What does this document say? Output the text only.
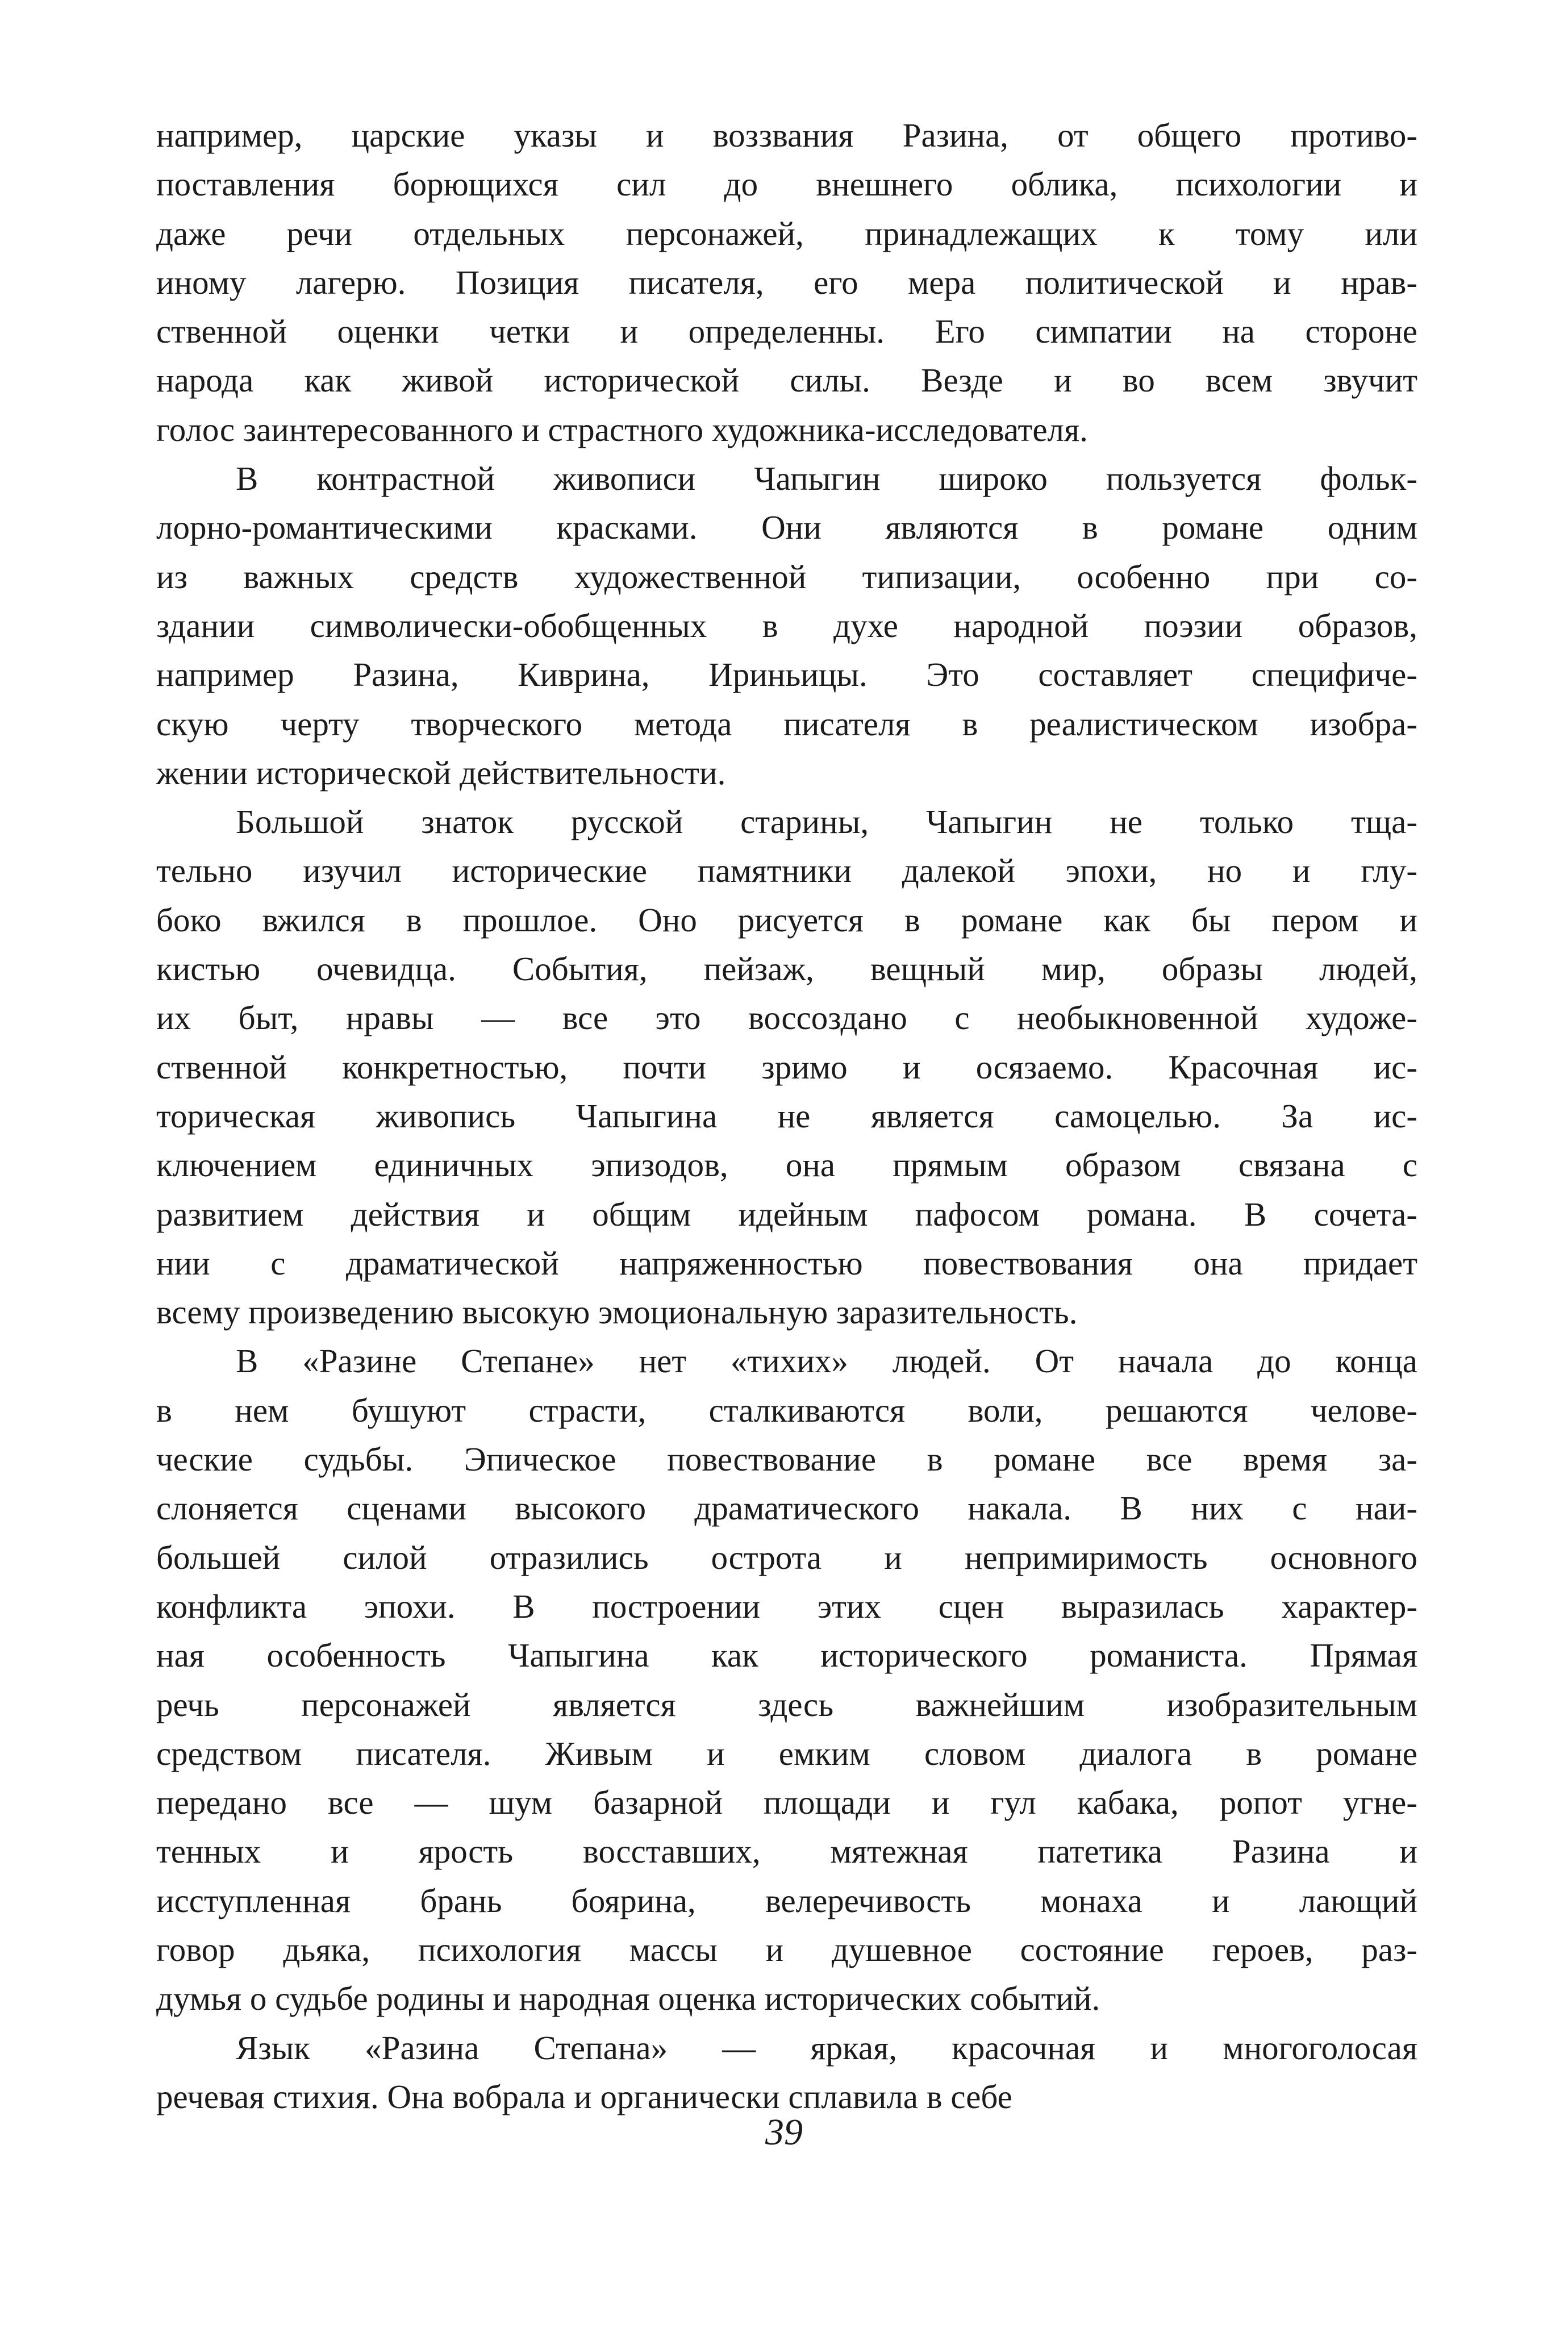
например, царские указы и воззвания Разина, от общего противо-
поставления борющихся сил до внешнего облика, психологии и
даже речи отдельных персонажей, принадлежащих к тому или
иному лагерю. Позиция писателя, его мера политической и нрав-
ственной оценки четки и определенны. Его симпатии на стороне
народа как живой исторической силы. Везде и во всем звучит
голос заинтересованного и страстного художника-исследователя.
В контрастной живописи Чапыгин широко пользуется фольк-
лорно-романтическими красками. Они являются в романе одним
из важных средств художественной типизации, особенно при со-
здании символически-обобщенных в духе народной поэзии образов,
например Разина, Киврина, Ириньицы. Это составляет специфиче-
скую черту творческого метода писателя в реалистическом изобра-
жении исторической действительности.
Большой знаток русской старины, Чапыгин не только тща-
тельно изучил исторические памятники далекой эпохи, но и глу-
боко вжился в прошлое. Оно рисуется в романе как бы пером и
кистью очевидца. События, пейзаж, вещный мир, образы людей,
их быт, нравы — все это воссоздано с необыкновенной художе-
ственной конкретностью, почти зримо и осязаемо. Красочная ис-
торическая живопись Чапыгина не является самоцелью. За ис-
ключением единичных эпизодов, она прямым образом связана с
развитием действия и общим идейным пафосом романа. В сочета-
нии с драматической напряженностью повествования она придает
всему произведению высокую эмоциональную заразительность.
В «Разине Степане» нет «тихих» людей. От начала до конца
в нем бушуют страсти, сталкиваются воли, решаются челове-
ческие судьбы. Эпическое повествование в романе все время за-
слоняется сценами высокого драматического накала. В них с наи-
большей силой отразились острота и непримиримость основного
конфликта эпохи. В построении этих сцен выразилась характер-
ная особенность Чапыгина как исторического романиста. Прямая
речь персонажей является здесь важнейшим изобразительным
средством писателя. Живым и емким словом диалога в романе
передано все — шум базарной площади и гул кабака, ропот угне-
тенных и ярость восставших, мятежная патетика Разина и
исступленная брань боярина, велеречивость монаха и лающий
говор дьяка, психология массы и душевное состояние героев, раз-
думья о судьбе родины и народная оценка исторических событий.
Язык «Разина Степана» — яркая, красочная и многоголосая
речевая стихия. Она вобрала и органически сплавила в себе
39
